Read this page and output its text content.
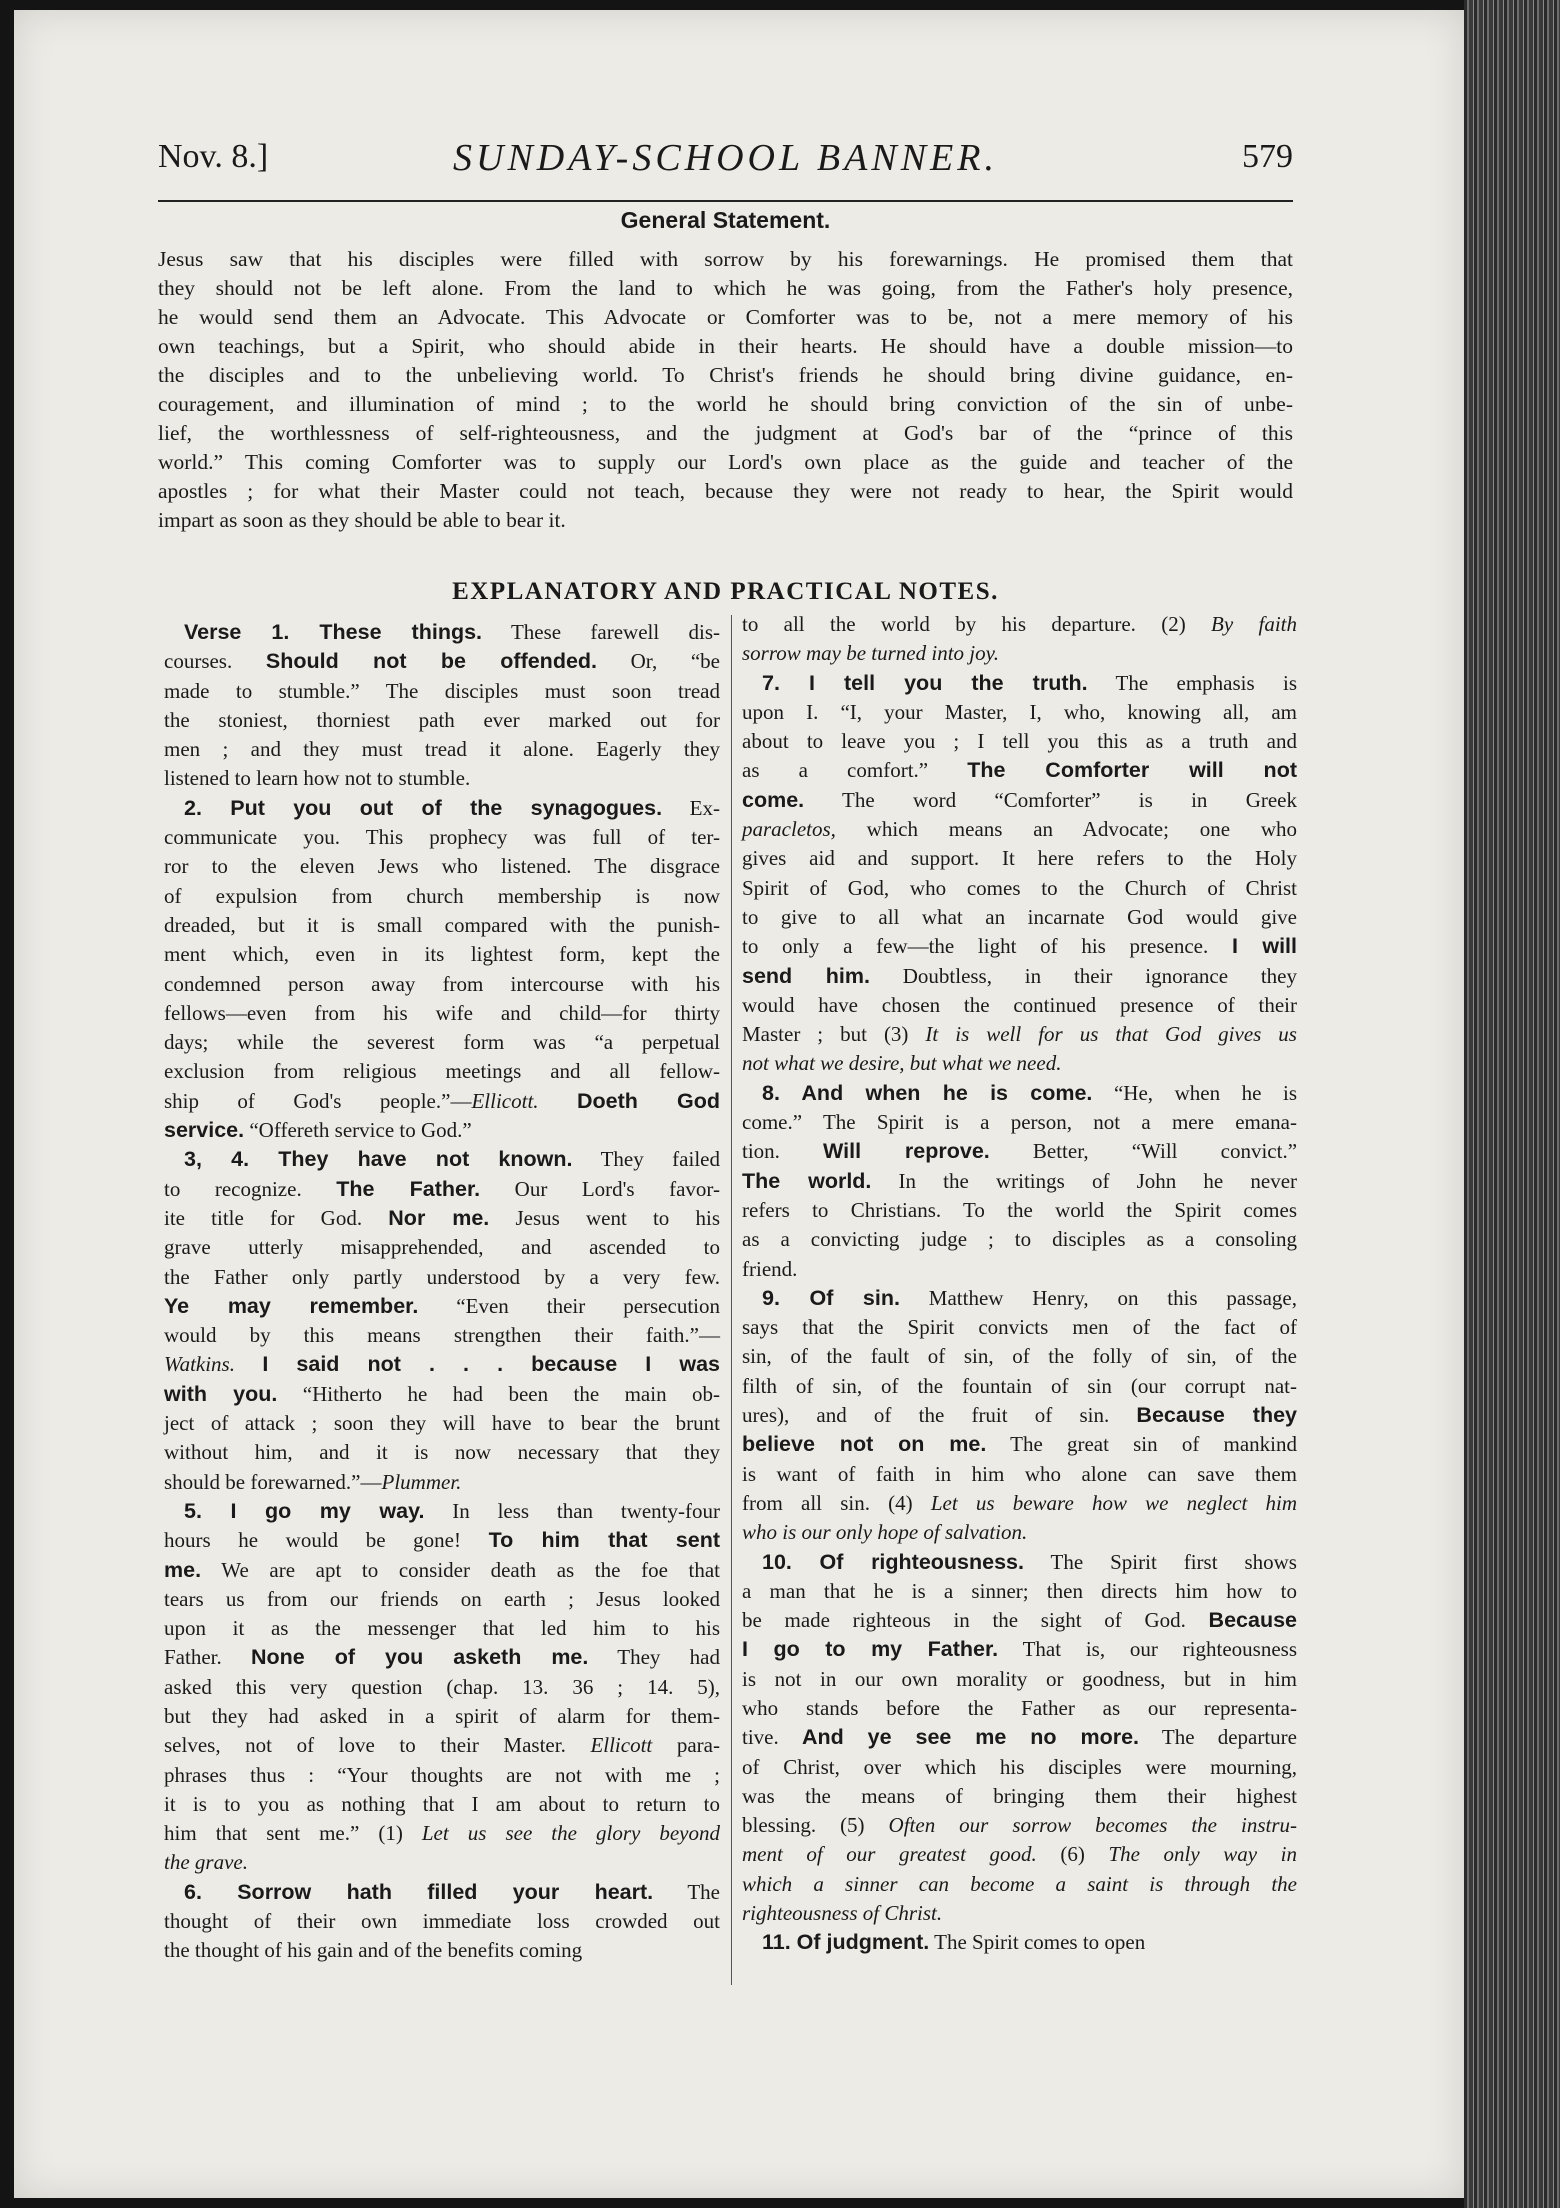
Nov. 8.]	SUNDAY-SCHOOL BANNER.	579
General Statement.
Jesus saw that his disciples were filled with sorrow by his forewarnings. He promised them that
they should not be left alone. From the land to which he was going, from the Father's holy presence,
he would send them an Advocate. This Advocate or Comforter was to be, not a mere memory of his
own teachings, but a Spirit, who should abide in their hearts. He should have a double mission—to
the disciples and to the unbelieving world. To Christ's friends he should bring divine guidance, en-
couragement, and illumination of mind ; to the world he should bring conviction of the sin of unbe-
lief, the worthlessness of self-righteousness, and the judgment at God's bar of the “prince of this
world.” This coming Comforter was to supply our Lord's own place as the guide and teacher of the
apostles ; for what their Master could not teach, because they were not ready to hear, the Spirit would
impart as soon as they should be able to bear it.
EXPLANATORY AND PRACTICAL NOTES.
Verse 1. These things. These farewell dis-
courses. Should not be offended. Or, “be
made to stumble.” The disciples must soon tread
the stoniest, thorniest path ever marked out for
men ; and they must tread it alone. Eagerly they
listened to learn how not to stumble.
2. Put you out of the synagogues. Ex-
communicate you. This prophecy was full of ter-
ror to the eleven Jews who listened. The disgrace
of expulsion from church membership is now
dreaded, but it is small compared with the punish-
ment which, even in its lightest form, kept the
condemned person away from intercourse with his
fellows—even from his wife and child—for thirty
days; while the severest form was “a perpetual
exclusion from religious meetings and all fellow-
ship of God's people.”—Ellicott. Doeth God
service. “Offereth service to God.”
3, 4. They have not known. They failed
to recognize. The Father. Our Lord's favor-
ite title for God. Nor me. Jesus went to his
grave utterly misapprehended, and ascended to
the Father only partly understood by a very few.
Ye may remember. “Even their persecution
would by this means strengthen their faith.”—
Watkins. I said not . . . because I was
with you. “Hitherto he had been the main ob-
ject of attack ; soon they will have to bear the brunt
without him, and it is now necessary that they
should be forewarned.”—Plummer.
5. I go my way. In less than twenty-four
hours he would be gone! To him that sent
me. We are apt to consider death as the foe that
tears us from our friends on earth ; Jesus looked
upon it as the messenger that led him to his
Father. None of you asketh me. They had
asked this very question (chap. 13. 36 ; 14. 5),
but they had asked in a spirit of alarm for them-
selves, not of love to their Master. Ellicott para-
phrases thus : “Your thoughts are not with me ;
it is to you as nothing that I am about to return to
him that sent me.” (1) Let us see the glory beyond
the grave.
6. Sorrow hath filled your heart. The
thought of their own immediate loss crowded out
the thought of his gain and of the benefits coming
to all the world by his departure. (2) By faith
sorrow may be turned into joy.
7. I tell you the truth. The emphasis is
upon I. “I, your Master, I, who, knowing all, am
about to leave you ; I tell you this as a truth and
as a comfort.” The Comforter will not
come. The word “Comforter” is in Greek
paracletos, which means an Advocate; one who
gives aid and support. It here refers to the Holy
Spirit of God, who comes to the Church of Christ
to give to all what an incarnate God would give
to only a few—the light of his presence. I will
send him. Doubtless, in their ignorance they
would have chosen the continued presence of their
Master ; but (3) It is well for us that God gives us
not what we desire, but what we need.
8. And when he is come. “He, when he is
come.” The Spirit is a person, not a mere emana-
tion. Will reprove. Better, “Will convict.”
The world. In the writings of John he never
refers to Christians. To the world the Spirit comes
as a convicting judge ; to disciples as a consoling
friend.
9. Of sin. Matthew Henry, on this passage,
says that the Spirit convicts men of the fact of
sin, of the fault of sin, of the folly of sin, of the
filth of sin, of the fountain of sin (our corrupt nat-
ures), and of the fruit of sin. Because they
believe not on me. The great sin of mankind
is want of faith in him who alone can save them
from all sin. (4) Let us beware how we neglect him
who is our only hope of salvation.
10. Of righteousness. The Spirit first shows
a man that he is a sinner; then directs him how to
be made righteous in the sight of God. Because
I go to my Father. That is, our righteousness
is not in our own morality or goodness, but in him
who stands before the Father as our representa-
tive. And ye see me no more. The departure
of Christ, over which his disciples were mourning,
was the means of bringing them their highest
blessing. (5) Often our sorrow becomes the instru-
ment of our greatest good. (6) The only way in
which a sinner can become a saint is through the
righteousness of Christ.
11. Of judgment. The Spirit comes to open
